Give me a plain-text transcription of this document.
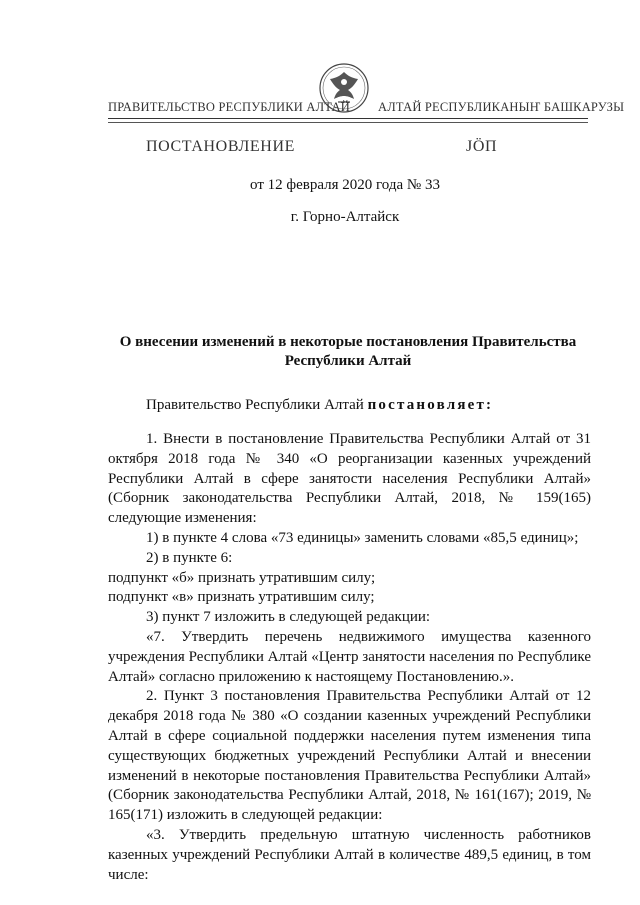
ПРАВИТЕЛЬСТВО РЕСПУБЛИКИ АЛТАЙ АЛТАЙ РЕСПУБЛИКАНЫҤ БАШКАРУЗЫ
ПОСТАНОВЛЕНИЕ	ЈӦП
от 12 февраля 2020 года № 33
г. Горно-Алтайск
О внесении изменений в некоторые постановления Правительства
Республики Алтай
Правительство Республики Алтай постановляет:

1. Внести в постановление Правительства Республики Алтай от 31 октября 2018 года № 340 «О реорганизации казенных учреждений Республики Алтай в сфере занятости населения Республики Алтай» (Сборник законодательства Республики Алтай, 2018, № 159(165) следующие изменения:

1) в пункте 4 слова «73 единицы» заменить словами «85,5 единиц»;

2) в пункте 6:

подпункт «б» признать утратившим силу;

подпункт «в» признать утратившим силу;

3) пункт 7 изложить в следующей редакции:

«7. Утвердить перечень недвижимого имущества казенного учреждения Республики Алтай «Центр занятости населения по Республике Алтай» согласно приложению к настоящему Постановлению.».

2. Пункт 3 постановления Правительства Республики Алтай от 12 декабря 2018 года № 380 «О создании казенных учреждений Республики Алтай в сфере социальной поддержки населения путем изменения типа существующих бюджетных учреждений Республики Алтай и внесении изменений в некоторые постановления Правительства Республики Алтай» (Сборник законодательства Республики Алтай, 2018, № 161(167); 2019, № 165(171) изложить в следующей редакции:

«3. Утвердить предельную штатную численность работников казенных учреждений Республики Алтай в количестве 489,5 единиц, в том числе:
